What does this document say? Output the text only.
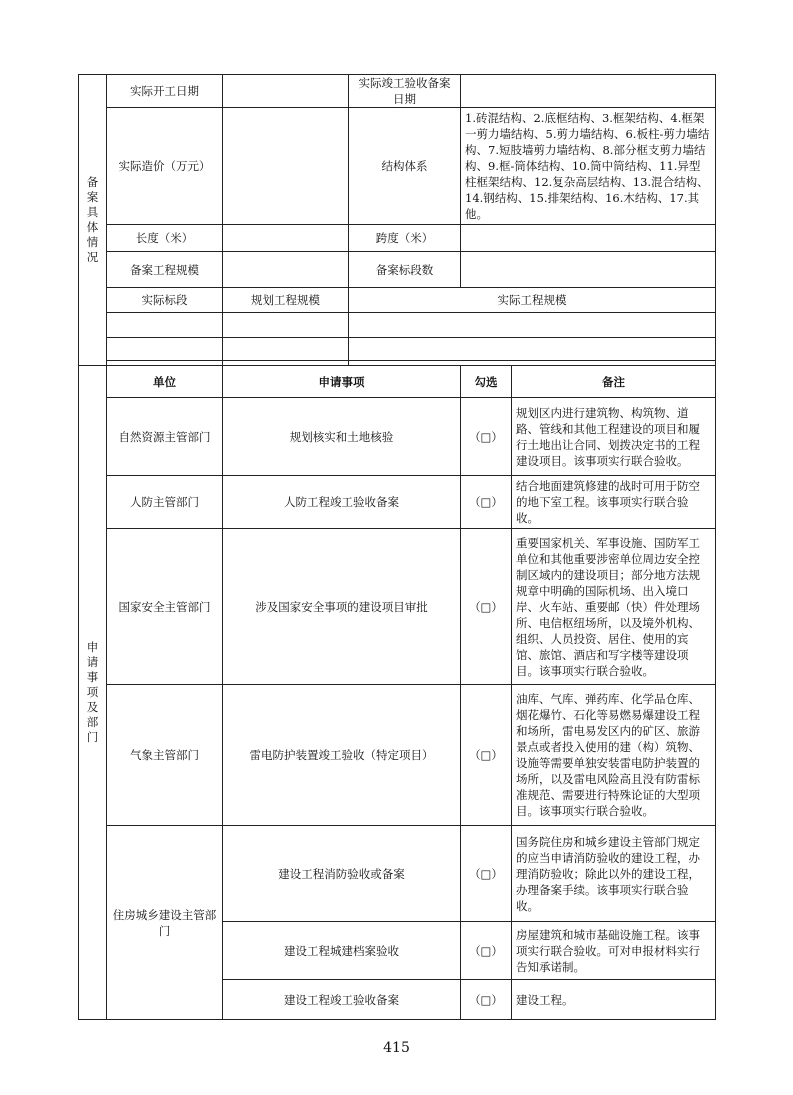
备案具体情况	实际开工日期		实际竣工验收备案日期		
	实际造价（万元）		结构体系	1.砖混结构、2.底框结构、3.框架结构、4.框架一剪力墙结构、5.剪力墙结构、6.板柱-剪力墙结构、7.短肢墙剪力墙结构、8.部分框支剪力墙结构、9.框-筒体结构、10.筒中筒结构、11.异型柱框架结构、12.复杂高层结构、13.混合结构、14.钢结构、15.排架结构、16.木结构、17.其他。	
	长度（米）		跨度（米）		
	备案工程规模		备案标段数		
	实际标段	规划工程规模	实际工程规模		

申请事项及部门	单位	申请事项		勾选	备注
	自然资源主管部门	规划核实和土地核验		（□）	规划区内进行建筑物、构筑物、道路、管线和其他工程建设的项目和履行土地出让合同、划拨决定书的工程建设项目。该事项实行联合验收。
	人防主管部门	人防工程竣工验收备案		（□）	结合地面建筑修建的战时可用于防空的地下室工程。该事项实行联合验收。
	国家安全主管部门	涉及国家安全事项的建设项目审批		（□）	重要国家机关、军事设施、国防军工单位和其他重要涉密单位周边安全控制区域内的建设项目；部分地方法规规章中明确的国际机场、出入境口岸、火车站、重要邮（快）件处理场所、电信枢纽场所，以及境外机构、组织、人员投资、居住、使用的宾馆、旅馆、酒店和写字楼等建设项目。该事项实行联合验收。
	气象主管部门	雷电防护装置竣工验收（特定项目）		（□）	油库、气库、弹药库、化学品仓库、烟花爆竹、石化等易燃易爆建设工程和场所，雷电易发区内的矿区、旅游景点或者投入使用的建（构）筑物、设施等需要单独安装雷电防护装置的场所，以及雷电风险高且没有防雷标准规范、需要进行特殊论证的大型项目。该事项实行联合验收。
	住房城乡建设主管部门	建设工程消防验收或备案		（□）	国务院住房和城乡建设主管部门规定的应当申请消防验收的建设工程，办理消防验收；除此以外的建设工程，办理备案手续。该事项实行联合验收。
		建设工程城建档案验收		（□）	房屋建筑和城市基础设施工程。该事项实行联合验收。可对申报材料实行告知承诺制。
		建设工程竣工验收备案		（□）	建设工程。
415
